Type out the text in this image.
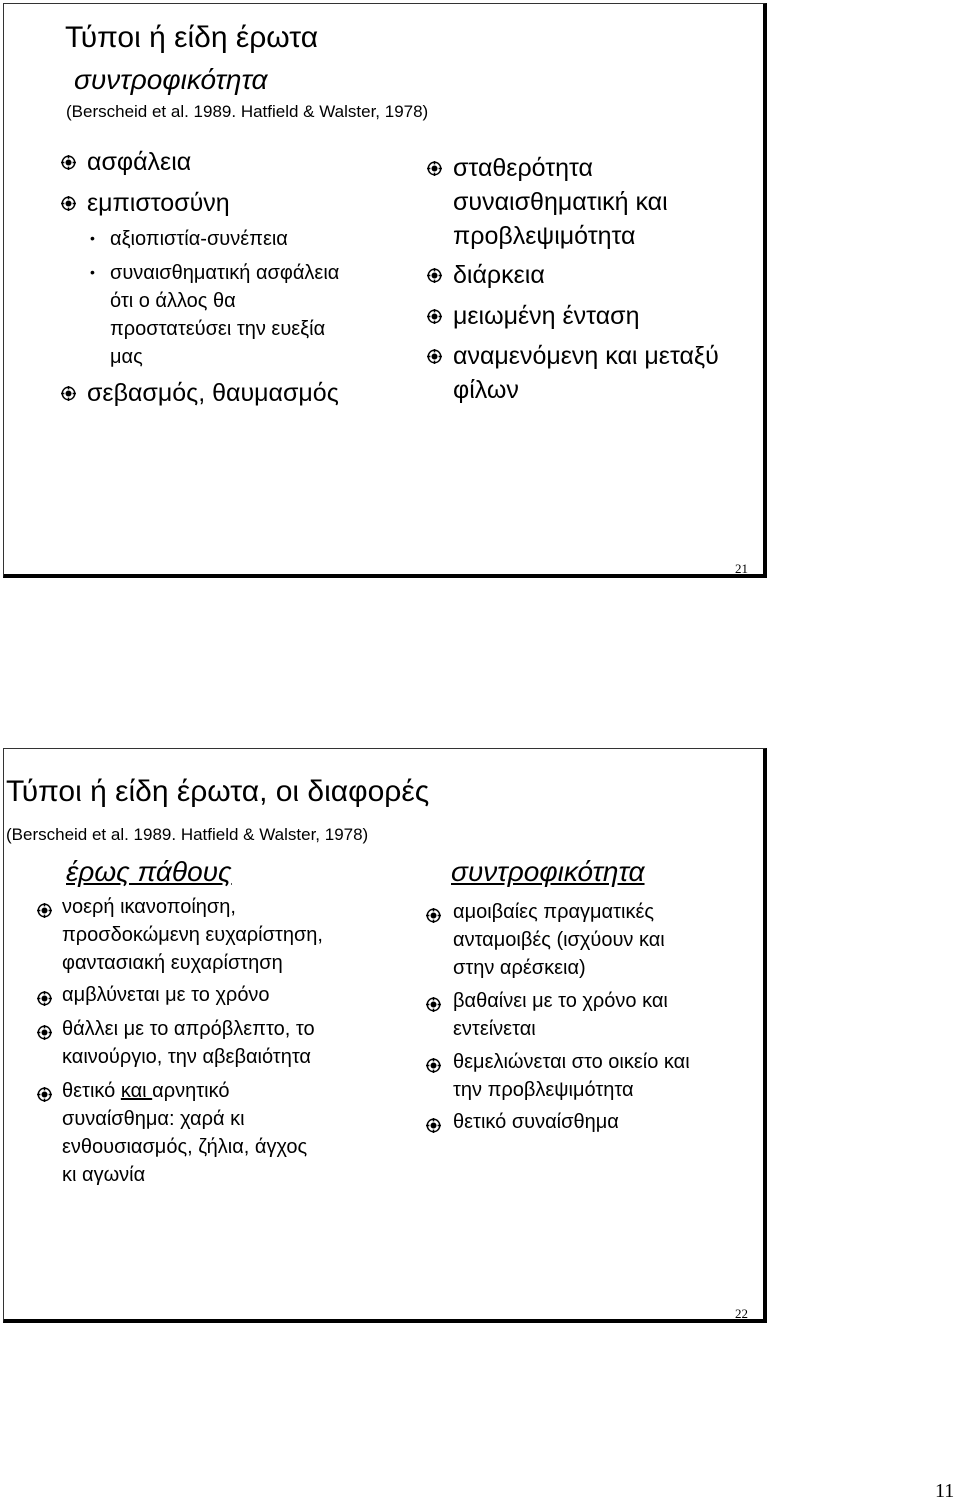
Τύποι ή είδη έρωτα
συντροφικότητα
(Berscheid et al. 1989. Hatfield & Walster, 1978)
ασφάλεια
εμπιστοσύνη
• αξιοπιστία-συνέπεια
• συναισθηματική ασφάλεια
ότι ο άλλος θα
προστατεύσει την ευεξία
μας
σεβασμός, θαυμασμός
σταθερότητα
συναισθηματική και
προβλεψιμότητα
διάρκεια
μειωμένη ένταση
αναμενόμενη και μεταξύ
φίλων
21
Τύποι ή είδη έρωτα, οι διαφορές
(Berscheid et al. 1989. Hatfield & Walster, 1978)
έρως πάθους
νοερή ικανοποίηση,
προσδοκώμενη ευχαρίστηση,
φαντασιακή ευχαρίστηση
αμβλύνεται με το χρόνο
θάλλει με το απρόβλεπτο, το
καινούργιο, την αβεβαιότητα
θετικό και αρνητικό
συναίσθημα: χαρά κι
ενθουσιασμός, ζήλια, άγχος
κι αγωνία
συντροφικότητα
αμοιβαίες πραγματικές
ανταμοιβές (ισχύουν και
στην αρέσκεια)
βαθαίνει με το χρόνο και
εντείνεται
θεμελιώνεται στο οικείο και
την προβλεψιμότητα
θετικό συναίσθημα
22
11
